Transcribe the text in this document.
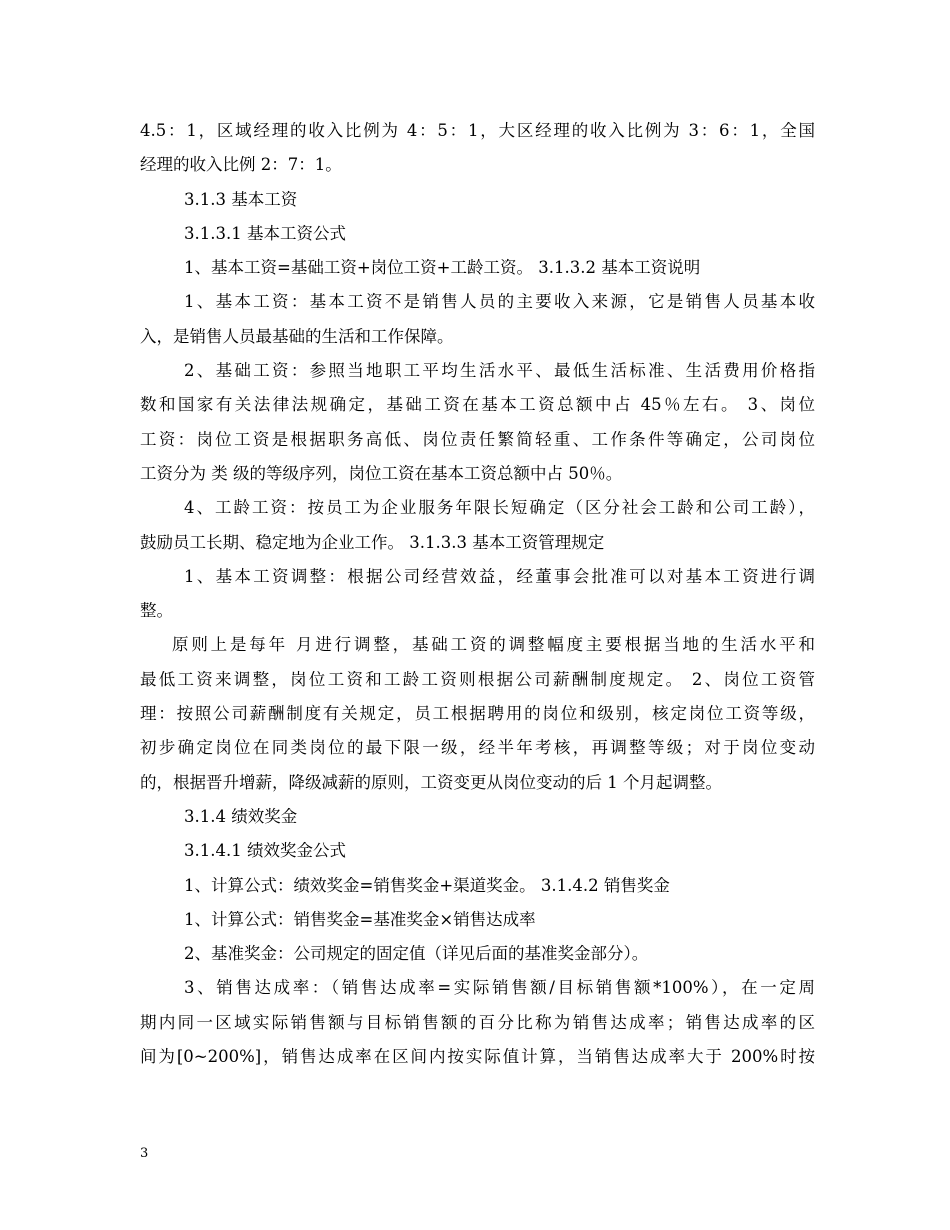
4.5：1，区域经理的收入比例为 4：5：1，大区经理的收入比例为 3：6：1，全国
经理的收入比例 2：7：1。
3.1.3 基本工资
3.1.3.1 基本工资公式
1、基本工资=基础工资+岗位工资+工龄工资。 3.1.3.2 基本工资说明
1、基本工资：基本工资不是销售人员的主要收入来源，它是销售人员基本收
入，是销售人员最基础的生活和工作保障。
2、基础工资：参照当地职工平均生活水平、最低生活标准、生活费用价格指
数和国家有关法律法规确定，基础工资在基本工资总额中占 45％左右。 3、岗位
工资：岗位工资是根据职务高低、岗位责任繁简轻重、工作条件等确定，公司岗位
工资分为 类 级的等级序列，岗位工资在基本工资总额中占 50％。
4、工龄工资：按员工为企业服务年限长短确定（区分社会工龄和公司工龄），
鼓励员工长期、稳定地为企业工作。 3.1.3.3 基本工资管理规定
1、基本工资调整：根据公司经营效益，经董事会批准可以对基本工资进行调
整。
原则上是每年 月进行调整，基础工资的调整幅度主要根据当地的生活水平和
最低工资来调整，岗位工资和工龄工资则根据公司薪酬制度规定。 2、岗位工资管
理：按照公司薪酬制度有关规定，员工根据聘用的岗位和级别，核定岗位工资等级，
初步确定岗位在同类岗位的最下限一级，经半年考核，再调整等级；对于岗位变动
的，根据晋升增薪，降级减薪的原则，工资变更从岗位变动的后 1 个月起调整。
3.1.4 绩效奖金
3.1.4.1 绩效奖金公式
1、计算公式：绩效奖金=销售奖金+渠道奖金。 3.1.4.2 销售奖金
1、计算公式：销售奖金=基准奖金×销售达成率
2、基准奖金：公司规定的固定值（详见后面的基准奖金部分）。
3、销售达成率：（销售达成率=实际销售额/目标销售额*100%），在一定周
期内同一区域实际销售额与目标销售额的百分比称为销售达成率；销售达成率的区
间为[0~200%]，销售达成率在区间内按实际值计算，当销售达成率大于 200%时按
3
